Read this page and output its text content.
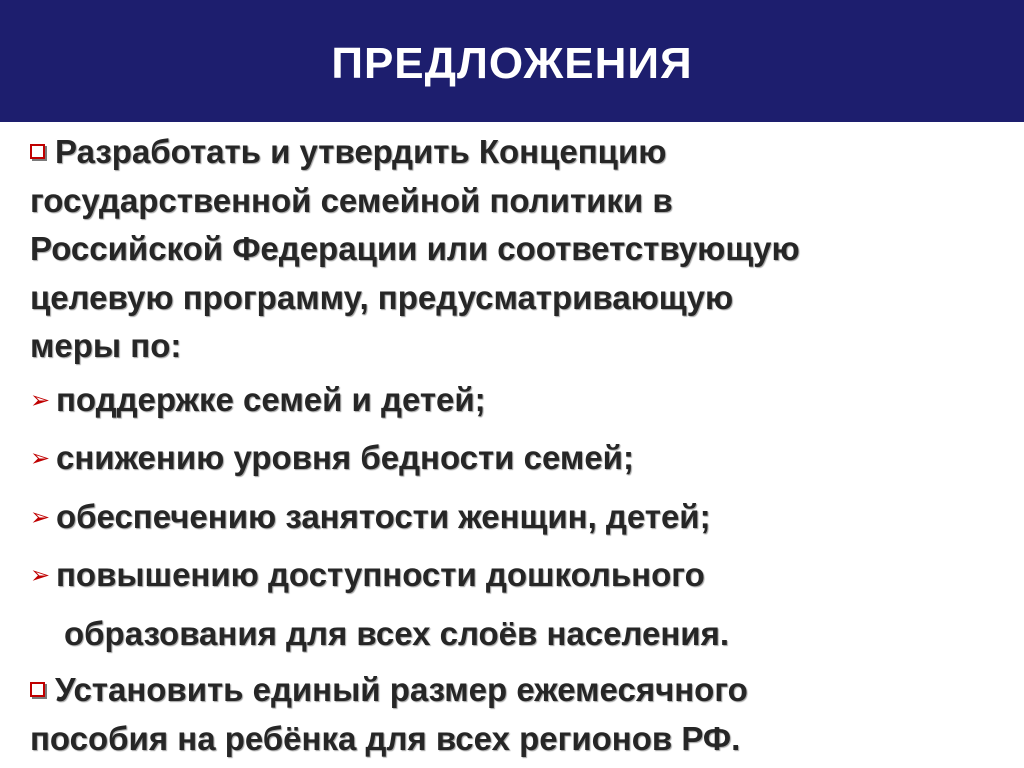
ПРЕДЛОЖЕНИЯ

Разработать и утвердить Концепцию
государственной семейной политики в
Российской Федерации или соответствующую
целевую программу, предусматривающую
меры по:

➢ поддержке семей и детей;

➢ снижению уровня бедности семей;

➢ обеспечению занятости женщин, детей;

➢ повышению доступности дошкольного

образования для всех слоёв населения.

Установить единый размер ежемесячного
пособия на ребёнка для всех регионов РФ.
